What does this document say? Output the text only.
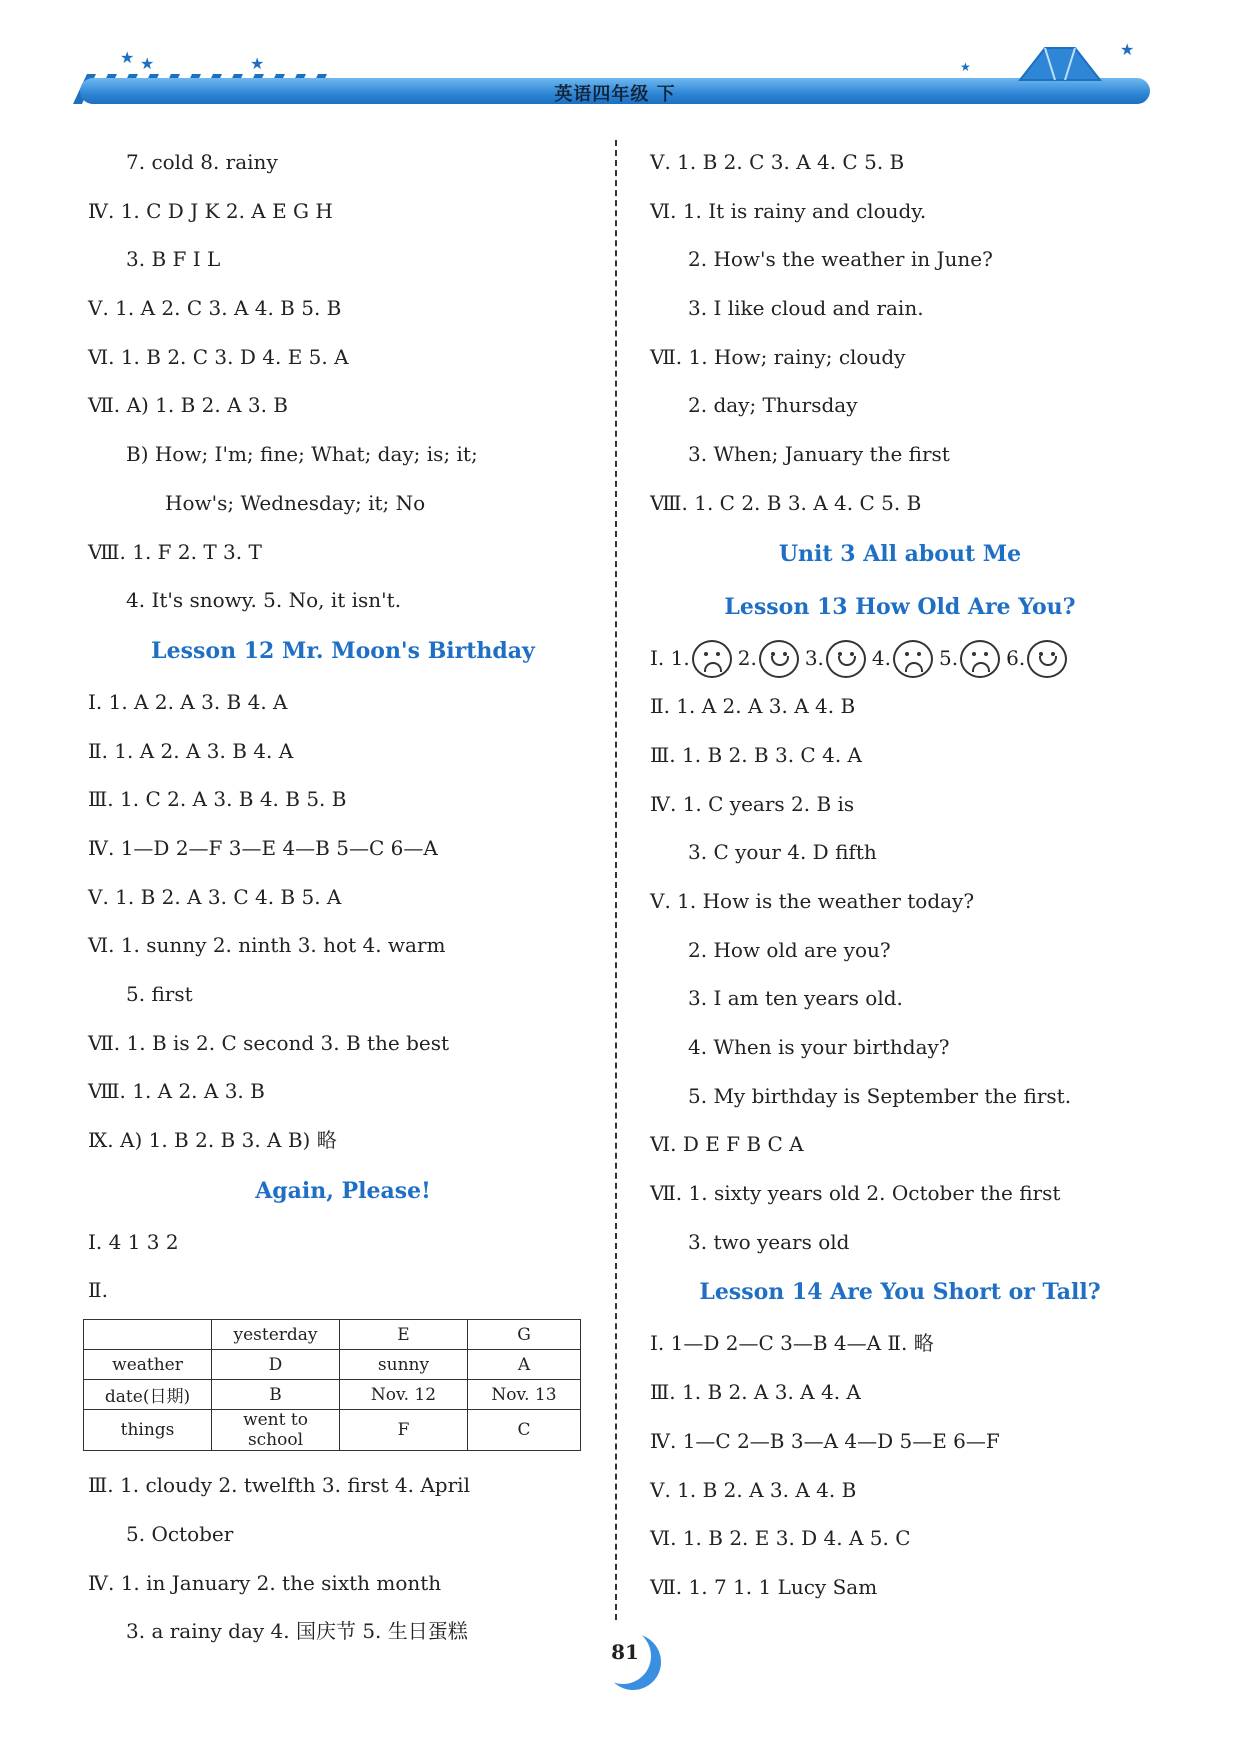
英语四年级 下
★ ★	★	★
★
7. cold 8. rainy
Ⅳ. 1. C D J K 2. A E G H
3. B F I L
Ⅴ. 1. A 2. C 3. A 4. B 5. B
Ⅵ. 1. B 2. C 3. D 4. E 5. A
Ⅶ. A) 1. B 2. A 3. B
B) How; I'm; fine; What; day; is; it;
How's; Wednesday; it; No
Ⅷ. 1. F 2. T 3. T
4. It's snowy. 5. No, it isn't.
Lesson 12 Mr. Moon's Birthday
Ⅰ. 1. A 2. A 3. B 4. A
Ⅱ. 1. A 2. A 3. B 4. A
Ⅲ. 1. C 2. A 3. B 4. B 5. B
Ⅳ. 1—D 2—F 3—E 4—B 5—C 6—A
Ⅴ. 1. B 2. A 3. C 4. B 5. A
Ⅵ. 1. sunny 2. ninth 3. hot 4. warm
5. first
Ⅶ. 1. B is 2. C second 3. B the best
Ⅷ. 1. A 2. A 3. B
Ⅸ. A) 1. B 2. B 3. A B) 略
Again, Please!
Ⅰ. 4 1 3 2
Ⅱ.
	yesterday	E	G
weather	D	sunny	A
date(日期)	B	Nov. 12	Nov. 13
things	went to school	F	C
Ⅲ. 1. cloudy 2. twelfth 3. first 4. April
5. October
Ⅳ. 1. in January 2. the sixth month
3. a rainy day 4. 国庆节 5. 生日蛋糕
Ⅴ. 1. B 2. C 3. A 4. C 5. B
Ⅵ. 1. It is rainy and cloudy.
2. How's the weather in June?
3. I like cloud and rain.
Ⅶ. 1. How; rainy; cloudy
2. day; Thursday
3. When; January the first
Ⅷ. 1. C 2. B 3. A 4. C 5. B
Unit 3 All about Me
Lesson 13 How Old Are You?
Ⅰ. 1. 2. 3. 4. 5. 6.
Ⅱ. 1. A 2. A 3. A 4. B
Ⅲ. 1. B 2. B 3. C 4. A
Ⅳ. 1. C years 2. B is
3. C your 4. D fifth
Ⅴ. 1. How is the weather today?
2. How old are you?
3. I am ten years old.
4. When is your birthday?
5. My birthday is September the first.
Ⅵ. D E F B C A
Ⅶ. 1. sixty years old 2. October the first
3. two years old
Lesson 14 Are You Short or Tall?
Ⅰ. 1—D 2—C 3—B 4—A Ⅱ. 略
Ⅲ. 1. B 2. A 3. A 4. A
Ⅳ. 1—C 2—B 3—A 4—D 5—E 6—F
Ⅴ. 1. B 2. A 3. A 4. B
Ⅵ. 1. B 2. E 3. D 4. A 5. C
Ⅶ. 1. 7 1. 1 Lucy Sam
81
